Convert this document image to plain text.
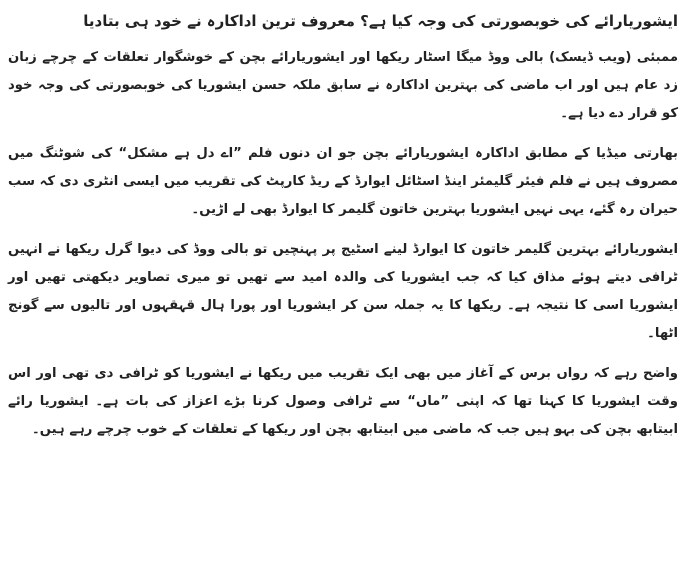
ایشوریارائے کی خوبصورتی کی وجہ کیا ہے؟ معروف ترین اداکارہ نے خود ہی بتادیا

ممبئی (ویب ڈیسک) بالی ووڈ میگا اسٹار ریکھا اور ایشوریارائے بچن کے خوشگوار تعلقات کے چرچے زبان زد عام ہیں اور اب ماضی کی بہترین اداکارہ نے سابق ملکہ حسن ایشوریا کی خوبصورتی کی وجہ خود کو قرار دے دیا ہے۔

بھارتی میڈیا کے مطابق اداکارہ ایشوریارائے بچن جو ان دنوں فلم ”اے دل ہے مشکل“ کی شوٹنگ میں مصروف ہیں نے فلم فیئر گلیمئر اینڈ اسٹائل ایوارڈ کے ریڈ کارپٹ کی تقریب میں ایسی انٹری دی کہ سب حیران رہ گئے، یہی نہیں ایشوریا بہترین خاتون گلیمر کا ایوارڈ بھی لے اڑیں۔

ایشوریارائے بہترین گلیمر خاتون کا ایوارڈ لینے اسٹیج پر پہنچیں تو بالی ووڈ کی دیوا گرل ریکھا نے انہیں ٹرافی دیتے ہوئے مذاق کیا کہ جب ایشوریا کی والدہ امید سے تھیں تو میری تصاویر دیکھتی تھیں اور ایشوریا اسی کا نتیجہ ہے۔ ریکھا کا یہ جملہ سن کر ایشوریا اور پورا ہال قہقہوں اور تالیوں سے گونج اٹھا۔

واضح رہے کہ رواں برس کے آغاز میں بھی ایک تقریب میں ریکھا نے ایشوریا کو ٹرافی دی تھی اور اس وقت ایشوریا کا کہنا تھا کہ اپنی ”ماں“ سے ٹرافی وصول کرنا بڑے اعزاز کی بات ہے۔ ایشوریا رائے ابیتابھ بچن کی بہو ہیں جب کہ ماضی میں ابیتابھ بچن اور ریکھا کے تعلقات کے خوب چرچے رہے ہیں۔
